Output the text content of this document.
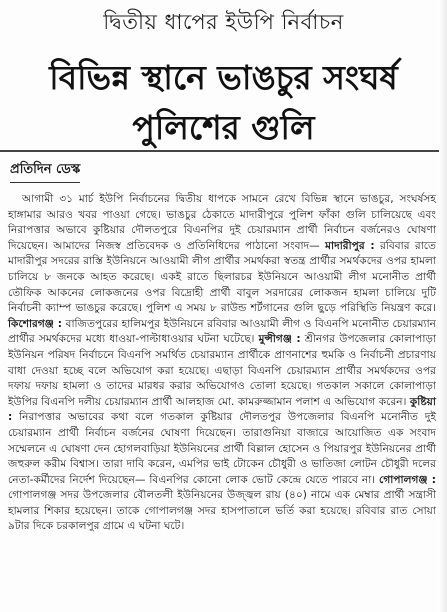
দ্বিতীয় ধাপের ইউপি নির্বাচন
বিভিন্ন স্থানে ভাঙচুর সংঘর্ষ
পুলিশের গুলি
প্রতিদিন ডেস্ক

আগামী ৩১ মার্চ ইউপি নির্বাচনের দ্বিতীয় ধাপকে সামনে রেখে বিভিন্ন স্থানে ভাঙচুর, সংঘর্ষসহ হাঙ্গামার আরও খবর পাওয়া গেছে। ভাঙচুর ঠেকাতে মাদারীপুরে পুলিশ ফাঁকা গুলি চালিয়েছে এবং নিরাপত্তার অভাবে কুষ্টিয়ার দৌলতপুরে বিএনপির দুই চেয়ারম্যান প্রার্থী নির্বাচন বর্জনেরও ঘোষণা দিয়েছেন। আমাদের নিজস্ব প্রতিবেদক ও প্রতিনিধিদের পাঠানো সংবাদ— মাদারীপুর : রবিবার রাতে মাদারীপুর সদরের রাস্তি ইউনিয়নে আওয়ামী লীগ প্রার্থীর সমর্থকরা স্বতন্ত্র প্রার্থীর সমর্থকদের ওপর হামলা চালিয়ে ৮ জনকে আহত করেছে। একই রাতে ছিলারচর ইউনিয়নে আওয়ামী লীগ মনোনীত প্রার্থী তৌফিক আকনের লোকজনের ওপর বিদ্রোহী প্রার্থী বাবুল সরদারের লোকজন হামলা চালিয়ে দুটি নির্বাচনী ক্যাম্প ভাঙচুর করেছে। পুলিশ এ সময় ৮ রাউন্ড শর্টগানের গুলি ছুড়ে পরিস্থিতি নিয়ন্ত্রণ করে। কিশোরগঞ্জ : বাজিতপুরের হালিমপুর ইউনিয়নে রবিবার আওয়ামী লীগ ও বিএনপি মনোনীত চেয়ারম্যান প্রার্থীর সমর্থকদের মধ্যে ধাওয়া-পাল্টাধাওয়ার ঘটনা ঘটেছে। মুন্সীগঞ্জ : শ্রীনগর উপজেলার কোলাপাড়া ইউনিয়ন পরিষদ নির্বাচনে বিএনপি সমর্থিত চেয়ারম্যান প্রার্থীকে প্রাণনাশের হুমকি ও নির্বাচনী প্রচারণায় বাধা দেওয়া হচ্ছে বলে অভিযোগ করা হয়েছে। এছাড়া বিএনপি চেয়ারম্যান প্রার্থীর সমর্থকদের ওপর দফায় দফায় হামলা ও তাদের মারধর করার অভিযোগও তোলা হয়েছে। গতকাল সকালে কোলাপাড়া ইউপির বিএনপি দলীয় চেয়ারম্যান প্রার্থী আলহাজ মো. কামরুজ্জামান পলাশ এ অভিযোগ করেন। কুষ্টিয়া : নিরাপত্তার অভাবের কথা বলে গতকাল কুষ্টিয়ার দৌলতপুর উপজেলার বিএনপি মনোনীত দুই চেয়ারম্যান প্রার্থী নির্বাচন বর্জনের ঘোষণা দিয়েছেন। তারাগুনিয়া বাজারে আয়োজিত এক সংবাদ সম্মেলনে এ ঘোষণা দেন হোগলবাড়িয়া ইউনিয়নের প্রার্থী বিল্লাল হোসেন ও পিয়ারপুর ইউনিয়নের প্রার্থী জহুরুল করীম বিশ্বাস। তারা দাবি করেন, এমপির ভাই টোকেন চৌধুরী ও ভাতিজা লোটন চৌধুরী দলের নেতা-কর্মীদের নির্দেশ দিয়েছেন— বিএনপির কোনো লোক ভোট কেন্দ্রে যেতে পারবে না। গোপালগঞ্জ : গোপালগঞ্জ সদর উপজেলার বৌলতলী ইউনিয়নের উজ্জ্বল রায় (৪০) নামে এক মেম্বার প্রার্থী সন্ত্রাসী হামলার শিকার হয়েছেন। তাকে গোপালগঞ্জ সদর হাসপাতালে ভর্তি করা হয়েছে। রবিবার রাত সোয়া ৯টার দিকে চরকালপুর গ্রামে এ ঘটনা ঘটে।
